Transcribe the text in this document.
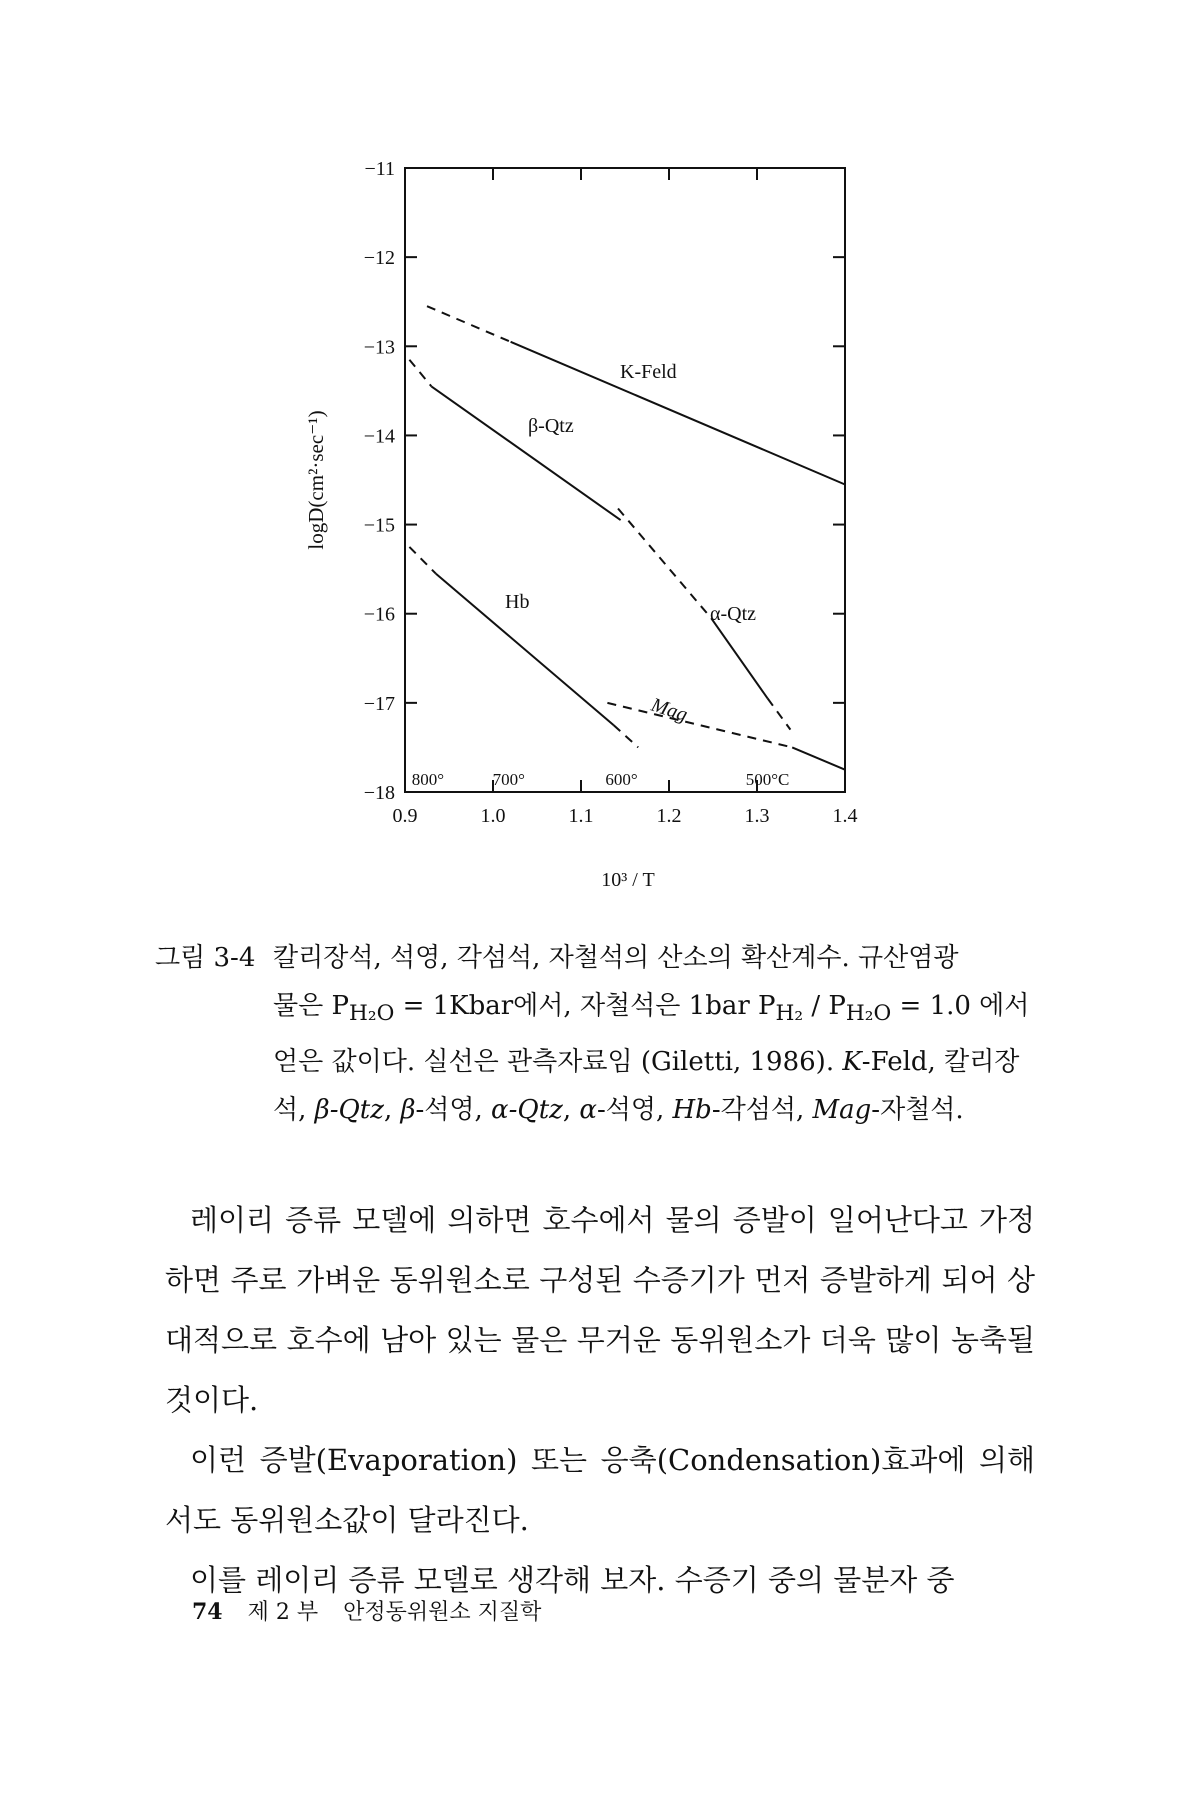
0.9	1.0	1.1	1.2	1.3	1.4
−11
−12
−13
−14
−15
−16
−17
−18
800°	700°	600°	500°C
K-Feld
β-Qtz
α-Qtz
Hb
Mag
logD(cm²·sec⁻¹)
10³ / T
그림 3-4 칼리장석, 석영, 각섬석, 자철석의 산소의 확산계수. 규산염광
물은 $P_{H_2O}$ = 1Kbar에서, 자철석은 1bar $P_{H_2} / P_{H_2O} = 1.0$ 에서
얻은 값이다. 실선은 관측자료임 (Giletti, 1986). K-Feld, 칼리장
석, β-Qtz, β-석영, α-Qtz, α-석영, Hb-각섬석, Mag-자철석.

레이리 증류 모델에 의하면 호수에서 물의 증발이 일어난다고 가정하면 주로 가벼운 동위원소로 구성된 수증기가 먼저 증발하게 되어 상대적으로 호수에 남아 있는 물은 무거운 동위원소가 더욱 많이 농축될 것이다.

이런 증발(Evaporation) 또는 응축(Condensation)효과에 의해서도 동위원소값이 달라진다.

이를 레이리 증류 모델로 생각해 보자. 수증기 중의 물분자 중

74 제 2 부 안정동위원소 지질학
